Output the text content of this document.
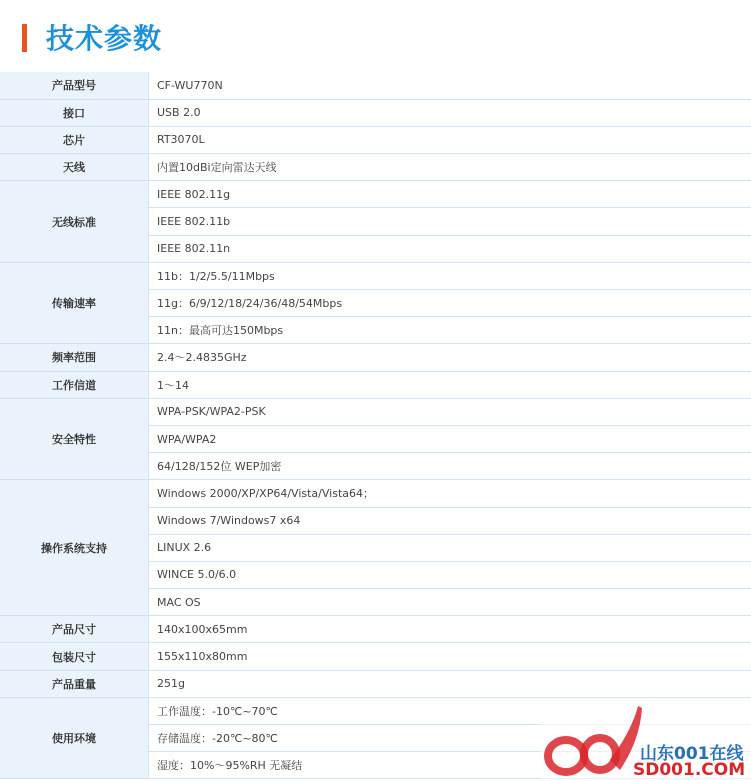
技术参数
产品型号	CF-WU770N
接口	USB 2.0
芯片	RT3070L
天线	内置10dBi定向雷达天线
无线标准	IEEE 802.11g
	IEEE 802.11b
	IEEE 802.11n
传输速率	11b：1/2/5.5/11Mbps
	11g：6/9/12/18/24/36/48/54Mbps
	11n：最高可达150Mbps
频率范围	2.4～2.4835GHz
工作信道	1～14
安全特性	WPA-PSK/WPA2-PSK
	WPA/WPA2
	64/128/152位 WEP加密
操作系统支持	Windows 2000/XP/XP64/Vista/Vista64；
	Windows 7/Windows7 x64
	LINUX 2.6
	WINCE 5.0/6.0
	MAC OS
产品尺寸	140x100x65mm
包装尺寸	155x110x80mm
产品重量	251g
使用环境	工作温度：-10℃~70℃
	存储温度：-20℃~80℃
	湿度：10%～95%RH 无凝结
山东001在线
SD001.COM
